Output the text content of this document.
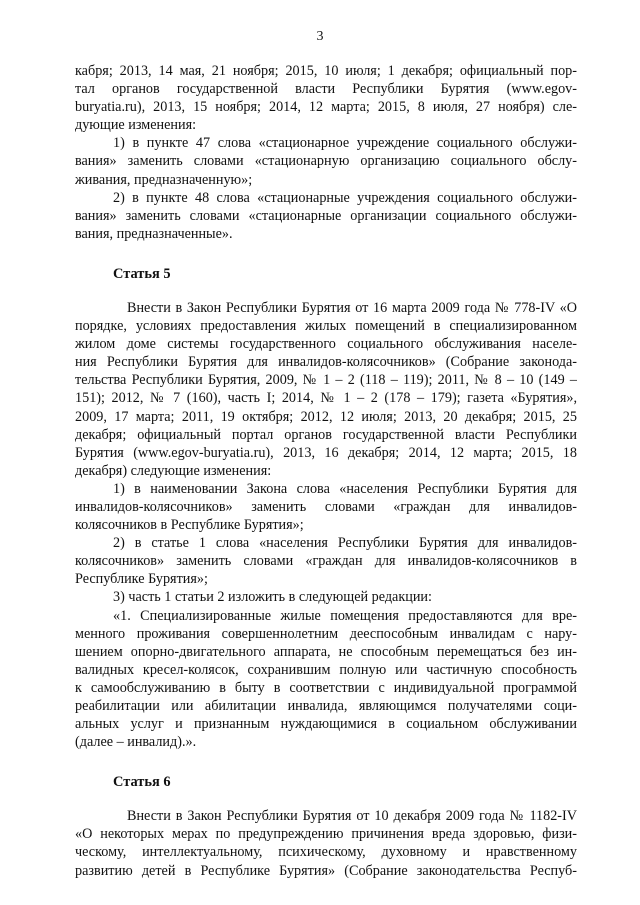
3
кабря; 2013, 14 мая, 21 ноября; 2015, 10 июля; 1 декабря; официальный пор-
тал органов государственной власти Республики Бурятия (www.egov-
buryatia.ru), 2013, 15 ноября; 2014, 12 марта; 2015, 8 июля, 27 ноября) сле-
дующие изменения:
1) в пункте 47 слова «стационарное учреждение социального обслужи-
вания» заменить словами «стационарную организацию социального обслу-
живания, предназначенную»;
2) в пункте 48 слова «стационарные учреждения социального обслужи-
вания» заменить словами «стационарные организации социального обслужи-
вания, предназначенные».
Статья 5
Внести в Закон Республики Бурятия от 16 марта 2009 года № 778-IV «О
порядке, условиях предоставления жилых помещений в специализированном
жилом доме системы государственного социального обслуживания населе-
ния Республики Бурятия для инвалидов-колясочников» (Собрание законода-
тельства Республики Бурятия, 2009, № 1 – 2 (118 – 119); 2011, № 8 – 10 (149 –
151); 2012, № 7 (160), часть I; 2014, № 1 – 2 (178 – 179); газета «Бурятия»,
2009, 17 марта; 2011, 19 октября; 2012, 12 июля; 2013, 20 декабря; 2015, 25
декабря; официальный портал органов государственной власти Республики
Бурятия (www.egov-buryatia.ru), 2013, 16 декабря; 2014, 12 марта; 2015, 18
декабря) следующие изменения:
1) в наименовании Закона слова «населения Республики Бурятия для
инвалидов-колясочников» заменить словами «граждан для инвалидов-
колясочников в Республике Бурятия»;
2) в статье 1 слова «населения Республики Бурятия для инвалидов-
колясочников» заменить словами «граждан для инвалидов-колясочников в
Республике Бурятия»;
3) часть 1 статьи 2 изложить в следующей редакции:
«1. Специализированные жилые помещения предоставляются для вре-
менного проживания совершеннолетним дееспособным инвалидам с нару-
шением опорно-двигательного аппарата, не способным перемещаться без ин-
валидных кресел-колясок, сохранившим полную или частичную способность
к самообслуживанию в быту в соответствии с индивидуальной программой
реабилитации или абилитации инвалида, являющимся получателями соци-
альных услуг и признанным нуждающимися в социальном обслуживании
(далее – инвалид).».
Статья 6
Внести в Закон Республики Бурятия от 10 декабря 2009 года № 1182-IV
«О некоторых мерах по предупреждению причинения вреда здоровью, физи-
ческому, интеллектуальному, психическому, духовному и нравственному
развитию детей в Республике Бурятия» (Собрание законодательства Респуб-
